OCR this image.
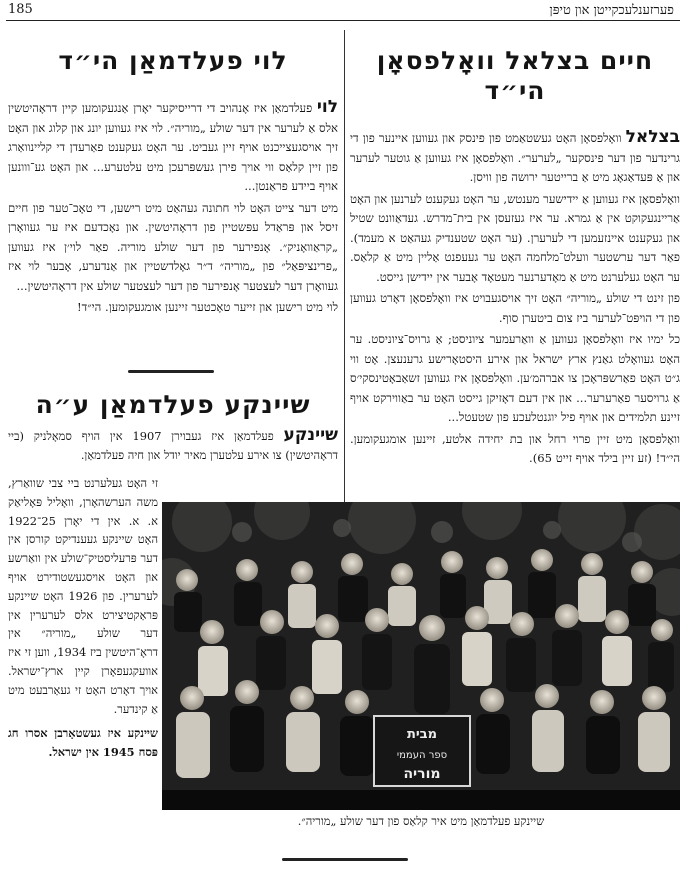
185	פערזענלעכקייטן און טיפּן
חיים בצלאל וואָלפסאָן הי״ד

בצלאל וואָלפסאָן האָט געשטאַמט פון פינסק און געווען איינער פון די גרינדער פון דער פינסקער „לערער״. וואָלפסאָן איז געווען אַ גוטער לערער און אַ פּעדאַגאָג מיט אַ ברייטער ירושה פון וויסן.

וואָלפסאָן איז געווען אַ יידישער מענטש, ער האָט געקענט לערנען און האָט אַריינגעקוקט אין אַ גמרא. ער איז געזעסן אין בית־מדרש. געדאַוונט שטיל און געקענט איינזעמען די לערערן. (ער האָט שטענדיק געהאַט א מעמד). פאַר דער ערשטער וועלט־מלחמה האָט ער געעפנט אַליין מיט אַ קלאַס. ער האָט געלערנט מיט אַ מאָדערנער מעטאָד אָבער אין יידישן גייסט.

פון זינט די שולע „מוריה״ האָט זיך אויסגעבויט איז וואָלפסאָן דאָרט געווען פון די הויפּט־לערער ביז צום ביטערן סוף.

כל ימיו איז וואָלפסאָן געווען אַ וואַרעמער ציוניסט; אַ גרויס־ציוניסט. ער האָט געוואָלט גאַנץ ארץ ישראל און אירע היסטאָרישע גרענעצן. אָט ווי ג״ט האָט פאַרשפּראָכן צו אברהמ׳ען. וואָלפסאָן איז געווען זשאַבאָטינסקי׳ס אַ גרויסער פאַרערער... און אין דעם דאָזיקן גייסט האָט ער באַווירקט אויף זיינע תלמידים און אויף פיל יוגנטלעכע פון שטעטל...

וואָלפסאָן מיט זיין פרוי רחל און בת יחידה אלטע, זיינען אומגעקומען. הי״ד! (זע זיין בילד אויף זייט 65).

לוי פעלדמאַן הי״ד

לוי פעלדמאַן איז אָנהויב די דרייסיקער יאָרן אַנגעקומען קיין דראָהיטשין אלס אַ לערער אין דער שולע „מוריה״. לוי איז געווען יונג און קלוג און האָט זיך אויסגעצייכנט אויף זיין געביט. ער האָט געקענט פאַרעדן די קליינוואַרג פון זיין קלאַס ווי אויך פירן געשפּרעכן מיט עלטערע... און האָט גע־ווונען אויף ביידע פראַנטן...

מיט דער צייט האָט לוי חתונה געהאַט מיט רישען, די טאָכ־טער פון חיים זיסל און פּראַדל עפּשטיין פון דראָהיטשין. און נאָכדעם איז ער געוואָרן „קראַוואָניק״. אָנפירער פון דער שולע מוריה. פאַר לוי׳ן איז געווען „פרינציפּאַל״ פון „מוריה״ ד״ר גאָלדשטיין און אַנדערע, אָבער לוי איז געוואָרן דער לעצטער אָנפירער פון דער לעצטער שולע אין דראָהיטשין...

לוי מיט רישען און זייער טאָכטער זיינען אומגעקומען. הי״ד!

שיינקע פעלדמאַן ע״ה

שיינקע פעלדמאַן איז געבוירן 1907 אין הויף סמאָלניק (ביי דראָהיטשין) צו אירע עלטערן מאיר יודל און חיה פעלדמאַן.

זי האָט געלערנט ביי צבי שוואַרץ, משה הערשהאָרן, וואָליל פּאָליאַק א. א. אין די יאָרן 25־1922 האָט שיינקע געענדיקט קורסן אין דער פּרעליסטיק־שולע אין וואַרשע און האָט אויסגעשטודירט אויף לערערין. פון 1926 האָט שיינקע פּראַקטיצירט אלס לערערין אין דער שולע „מוריה״ אין דראָ־היטשין ביז 1934, ווען זי איז אוועקגעפאָרן קיין ארץ־ישראל. אויך דאָרט האָט זי געאַרבעט מיט אַ קינדער.

שיינקע איז געשטאָרבן אסרו חג פּסח 1945 אין ישראל.

מבית
ספר העממי
מוריה
שיינקע פעלדמאַן מיט איר קלאַס פון דער שולע „מוריה״.
